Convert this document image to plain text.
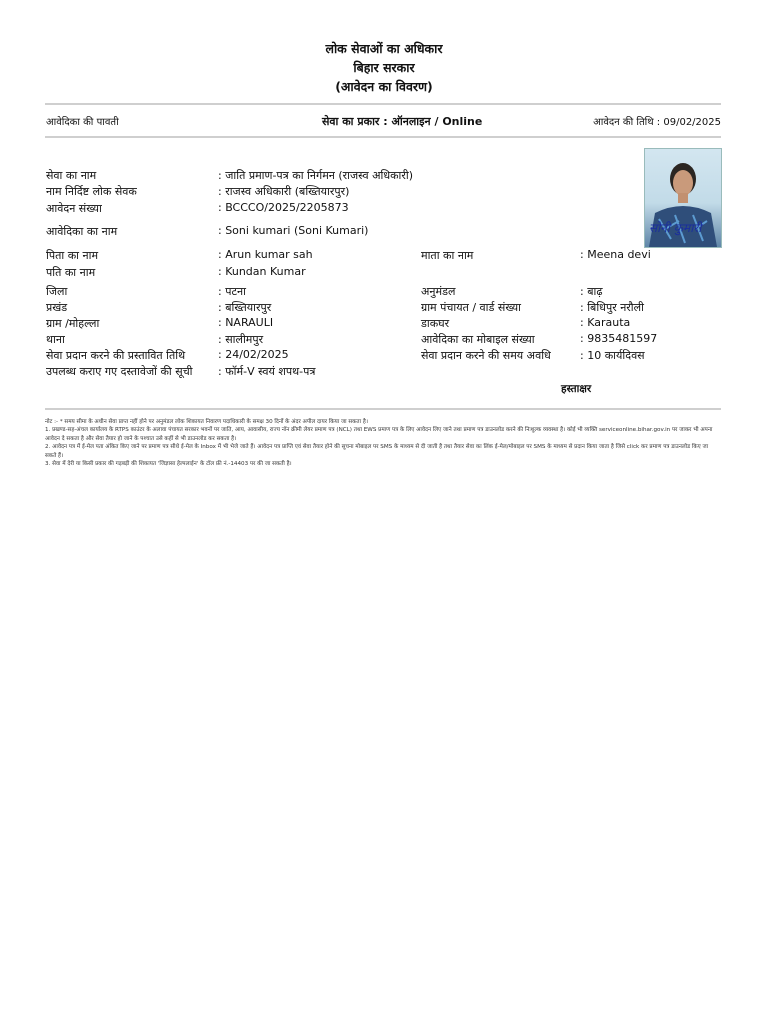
लोक सेवाओं का अधिकार
बिहार सरकार
(आवेदन का विवरण)
आवेदिका की पावती	सेवा का प्रकार : ऑनलाइन / Online	आवेदन की तिथि : 09/02/2025
सोनी कुमारी
सेवा का नाम	: जाति प्रमाण-पत्र का निर्गमन (राजस्व अधिकारी)
नाम निर्दिष्ट लोक सेवक	: राजस्व अधिकारी (बख्तियारपुर)
आवेदन संख्या	: BCCCO/2025/2205873
आवेदिका का नाम	: Soni kumari (Soni Kumari)
पिता का नाम	: Arun kumar sah	माता का नाम	: Meena devi
पति का नाम	: Kundan Kumar
जिला	: पटना	अनुमंडल	: बाढ़
प्रखंड	: बख्तियारपुर	ग्राम पंचायत / वार्ड संख्या	: बिधिपुर नरौली
ग्राम /मोहल्ला	: NARAULI	डाकघर	: Karauta
थाना	: सालीमपुर	आवेदिका का मोबाइल संख्या	: 9835481597
सेवा प्रदान करने की प्रस्तावित तिथि	: 24/02/2025	सेवा प्रदान करने की समय अवधि	: 10 कार्यदिवस
उपलब्ध कराए गए दस्तावेजों की सूची : फॉर्म-V स्वयं शपथ-पत्र
हस्ताक्षर
नोट :- * समय सीमा के अधीन सेवा प्राप्त नहीं होने पर अनुमंडल लोक शिकायत निवारण पदाधिकारी के समक्ष 30 दिनों के अंदर अपील दायर किया जा सकता है।
1. प्रखण्ड-सह-अंचल कार्यालय के RTPS काउंटर के अलावा पंचायत सरकार भवनों पर जाति, आय, आवासीय, राज्य नॉन क्रीमी लेयर प्रमाण पत्र (NCL) तथा EWS प्रमाण पत्र के लिए आवेदन लिए जाने तथा प्रमाण पत्र डाउनलोड करने की निःशुल्क व्यवस्था है। कोई भी व्यक्ति serviceonline.bihar.gov.in पर जाकर भी अपना आवेदन दे सकता है और सेवा तैयार हो जाने के पश्चात उसे कहीं से भी डाउनलोड कर सकता है।
2. आवेदन पत्र में ई-मेल पता अंकित किए जाने पर प्रमाण पत्र सीधे ई-मेल के Inbox में भी भेजे जाते हैं। आवेदन पत्र प्राप्ति एवं सेवा तैयार होने की सूचना मोबाइल पर SMS के माध्यम से दी जाती है तथा तैयार सेवा का लिंक ई-मेल/मोबाइल पर SMS के माध्यम से प्रदान किया जाता है जिसे click कर प्रमाण पत्र डाउनलोड किए जा सकते हैं।
3. सेवा में देरी या किसी प्रकार की गड़बड़ी की शिकायत 'जिज्ञासा हेल्पलाईन' के टॉल फ्री नं.-14403 पर की जा सकती है।
